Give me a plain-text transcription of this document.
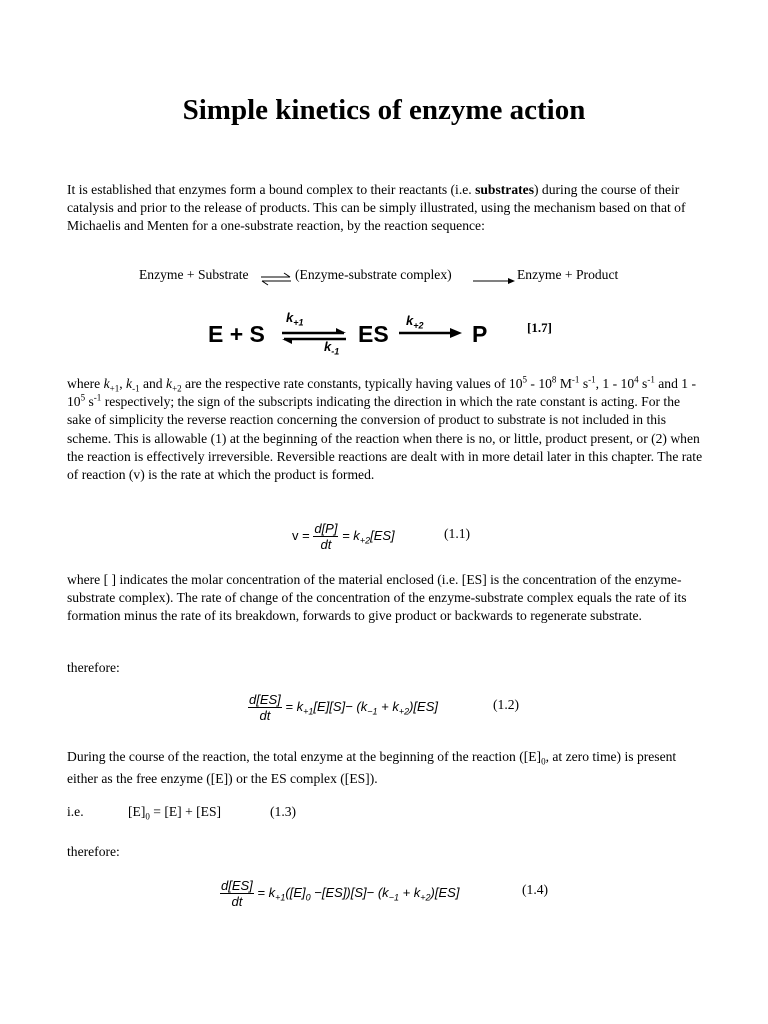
Simple kinetics of enzyme action

It is established that enzymes form a bound complex to their reactants (i.e. substrates) during the course of their catalysis and prior to the release of products. This can be simply illustrated, using the mechanism based on that of Michaelis and Menten for a one-substrate reaction, by the reaction sequence:

Enzyme + Substrate ⇌ (Enzyme-substrate complex)	Enzyme + Product
E + S
$k_{+1}$
$k_{-1}$
ES
$k_{+2}$ P	[1.7]

where $k_{+1}$, $k_{-1}$ and $k_{+2}$ are the respective rate constants, typically having values of $10^5 - 10^8$ $M^{-1}$ $s^{-1}$, $1 - 10^4$ $s^{-1}$ and $1 - 10^5$ $s^{-1}$ respectively; the sign of the subscripts indicating the direction in which the rate constant is acting. For the sake of simplicity the reverse reaction concerning the conversion of product to substrate is not included in this scheme. This is allowable (1) at the beginning of the reaction when there is no, or little, product present, or (2) when the reaction is effectively irreversible. Reversible reactions are dealt with in more detail later in this chapter. The rate of reaction (v) is the rate at which the product is formed.

$v = \frac{d[P]}{dt} = k_{+2}[ES]$	(1.1)

where [ ] indicates the molar concentration of the material enclosed (i.e. [ES] is the concentration of the enzyme-substrate complex). The rate of change of the concentration of the enzyme-substrate complex equals the rate of its formation minus the rate of its breakdown, forwards to give product or backwards to regenerate substrate.

therefore:

$\frac{d[ES]}{dt} = k_{+1}[E][S]- (k_{-1} + k_{+2})[ES]$	(1.2)

During the course of the reaction, the total enzyme at the beginning of the reaction ($[E]_0$, at zero time) is present either as the free enzyme ([E]) or the ES complex ([ES]).

i.e.	$[E]_0 = [E] + [ES]$	(1.3)

therefore:

$\frac{d[ES]}{dt} = k_{+1}([E]_0 -[ES])[S]- (k_{-1} + k_{+2})[ES]$	(1.4)
